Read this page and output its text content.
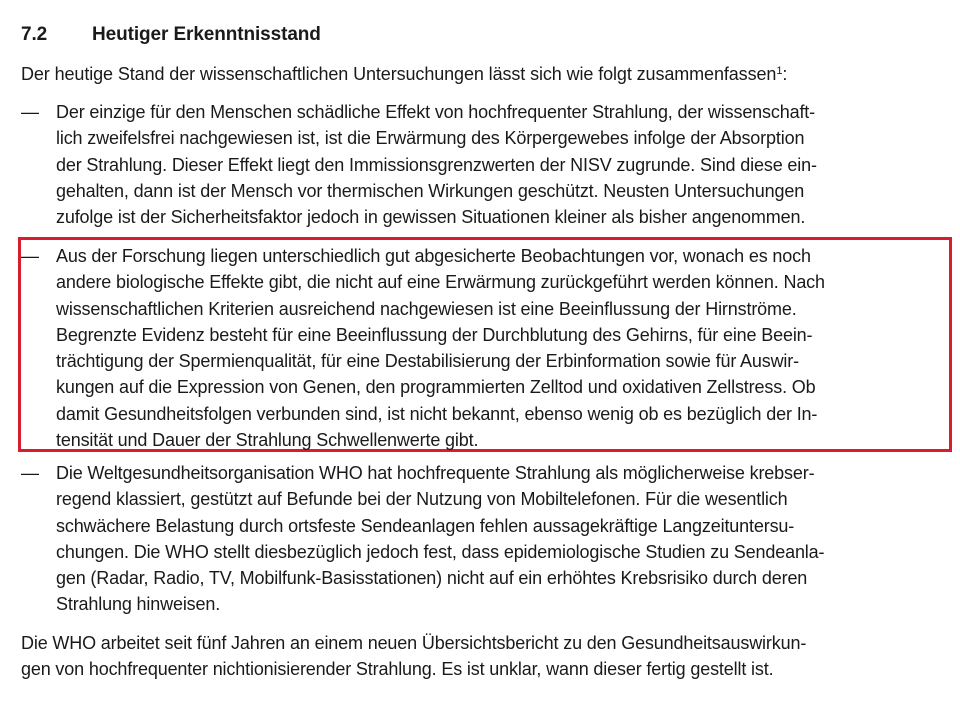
7.2 Heutiger Erkenntnisstand
Der heutige Stand der wissenschaftlichen Untersuchungen lässt sich wie folgt zusammenfassen$^1$:
— Der einzige für den Menschen schädliche Effekt von hochfrequenter Strahlung, der wissenschaft-
lich zweifelsfrei nachgewiesen ist, ist die Erwärmung des Körpergewebes infolge der Absorption
der Strahlung. Dieser Effekt liegt den Immissionsgrenzwerten der NISV zugrunde. Sind diese ein-
gehalten, dann ist der Mensch vor thermischen Wirkungen geschützt. Neusten Untersuchungen
zufolge ist der Sicherheitsfaktor jedoch in gewissen Situationen kleiner als bisher angenommen.
— Aus der Forschung liegen unterschiedlich gut abgesicherte Beobachtungen vor, wonach es noch
andere biologische Effekte gibt, die nicht auf eine Erwärmung zurückgeführt werden können. Nach
wissenschaftlichen Kriterien ausreichend nachgewiesen ist eine Beeinflussung der Hirnströme.
Begrenzte Evidenz besteht für eine Beeinflussung der Durchblutung des Gehirns, für eine Beein-
trächtigung der Spermienqualität, für eine Destabilisierung der Erbinformation sowie für Auswir-
kungen auf die Expression von Genen, den programmierten Zelltod und oxidativen Zellstress. Ob
damit Gesundheitsfolgen verbunden sind, ist nicht bekannt, ebenso wenig ob es bezüglich der In-
tensität und Dauer der Strahlung Schwellenwerte gibt.
— Die Weltgesundheitsorganisation WHO hat hochfrequente Strahlung als möglicherweise krebser-
regend klassiert, gestützt auf Befunde bei der Nutzung von Mobiltelefonen. Für die wesentlich
schwächere Belastung durch ortsfeste Sendeanlagen fehlen aussagekräftige Langzeituntersu-
chungen. Die WHO stellt diesbezüglich jedoch fest, dass epidemiologische Studien zu Sendeanla-
gen (Radar, Radio, TV, Mobilfunk-Basisstationen) nicht auf ein erhöhtes Krebsrisiko durch deren
Strahlung hinweisen.
Die WHO arbeitet seit fünf Jahren an einem neuen Übersichtsbericht zu den Gesundheitsauswirkun-
gen von hochfrequenter nichtionisierender Strahlung. Es ist unklar, wann dieser fertig gestellt ist.
